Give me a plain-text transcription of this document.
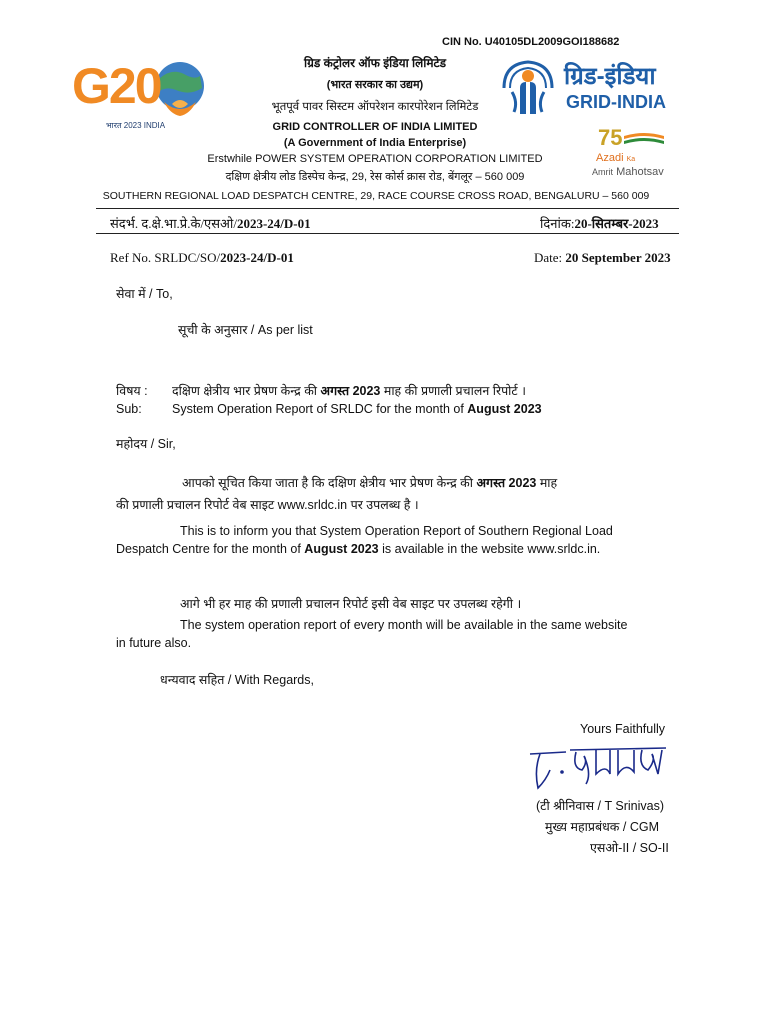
CIN No. U40105DL2009GOI188682
G20
भारत 2023 INDIA
ग्रिड कंट्रोलर ऑफ इंडिया लिमिटेड
(भारत सरकार का उद्यम)
भूतपूर्व पावर सिस्टम ऑपरेशन कारपोरेशन लिमिटेड
GRID CONTROLLER OF INDIA LIMITED
(A Government of India Enterprise)
Erstwhile POWER SYSTEM OPERATION CORPORATION LIMITED
दक्षिण क्षेत्रीय लोड डिस्पेच केन्द्र, 29, रेस कोर्स क्रास रोड, बेंगलूर – 560 009
SOUTHERN REGIONAL LOAD DESPATCH CENTRE, 29, RACE COURSE CROSS ROAD, BENGALURU – 560 009
ग्रिड-इंडिया
GRID-INDIA
75
Azadi Ka
Amrit Mahotsav
संदर्भ. द.क्षे.भा.प्रे.के/एसओ/2023-24/D-01	दिनांक:20-सितम्बर-2023
Ref No. SRLDC/SO/2023-24/D-01	Date: 20 September 2023
सेवा में / To,
सूची के अनुसार / As per list
विषय : दक्षिण क्षेत्रीय भार प्रेषण केन्द्र की अगस्त 2023 माह की प्रणाली प्रचालन रिपोर्ट ।
Sub: System Operation Report of SRLDC for the month of August 2023
महोदय / Sir,
आपको सूचित किया जाता है कि दक्षिण क्षेत्रीय भार प्रेषण केन्द्र की अगस्त 2023 माह
की प्रणाली प्रचालन रिपोर्ट वेब साइट www.srldc.in पर उपलब्ध है ।
This is to inform you that System Operation Report of Southern Regional Load
Despatch Centre for the month of August 2023 is available in the website www.srldc.in.
आगे भी हर माह की प्रणाली प्रचालन रिपोर्ट इसी वेब साइट पर उपलब्ध रहेगी ।
The system operation report of every month will be available in the same website
in future also.
धन्यवाद सहित / With Regards,
Yours Faithfully
(टी श्रीनिवास / T Srinivas)
मुख्य महाप्रबंधक / CGM
एसओ-II / SO-II
